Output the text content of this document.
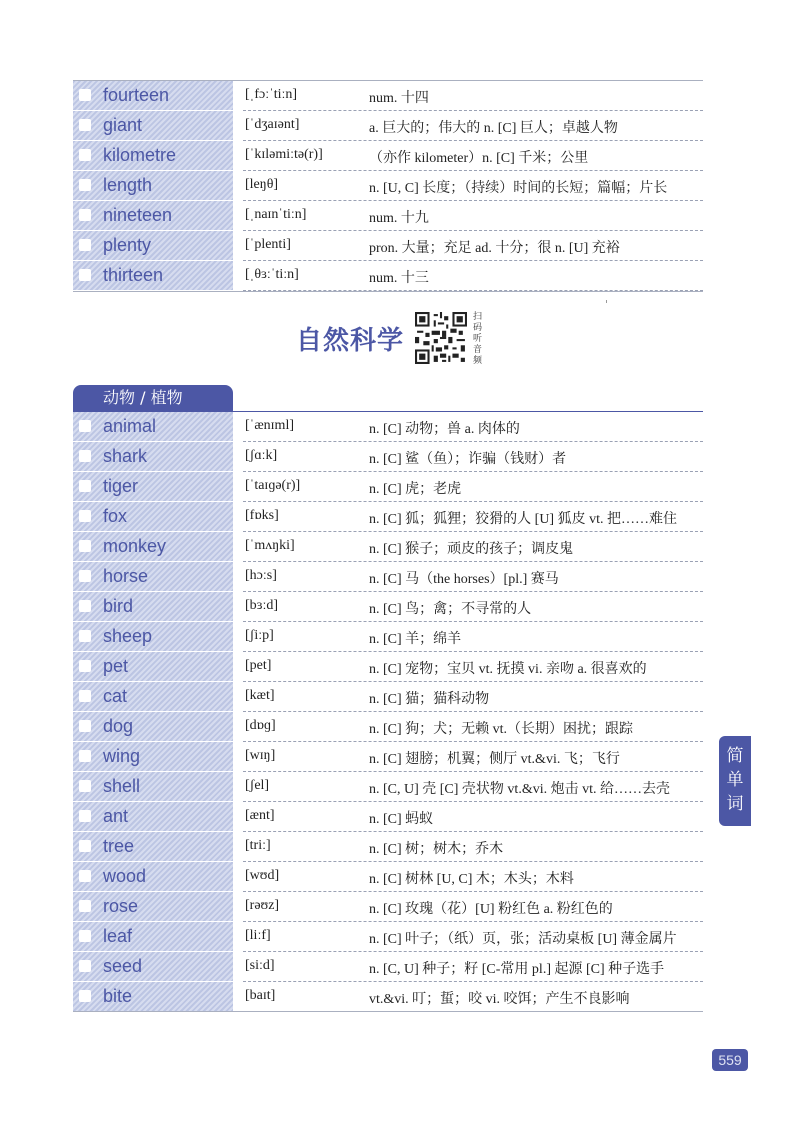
fourteen	[ˌfɔːˈtiːn]	num. 十四
giant	[ˈdʒaɪənt]	a. 巨大的；伟大的 n. [C] 巨人；卓越人物
kilometre	[ˈkɪləmiːtə(r)]	（亦作 kilometer）n. [C] 千米；公里
length	[leŋθ]	n. [U, C] 长度；（持续）时间的长短；篇幅；片长
nineteen	[ˌnaɪnˈtiːn]	num. 十九
plenty	[ˈplenti]	pron. 大量；充足 ad. 十分；很 n. [U] 充裕
thirteen	[ˌθɜːˈtiːn]	num. 十三
自然科学
扫码听音频
动物 / 植物
animal	[ˈænɪml]	n. [C] 动物；兽 a. 肉体的
shark	[ʃɑːk]	n. [C] 鲨（鱼）；诈骗（钱财）者
tiger	[ˈtaɪɡə(r)]	n. [C] 虎；老虎
fox	[fɒks]	n. [C] 狐；狐狸；狡猾的人 [U] 狐皮 vt. 把……难住
monkey	[ˈmʌŋki]	n. [C] 猴子；顽皮的孩子；调皮鬼
horse	[hɔːs]	n. [C] 马（the horses）[pl.] 赛马
bird	[bɜːd]	n. [C] 鸟；禽；不寻常的人
sheep	[ʃiːp]	n. [C] 羊；绵羊
pet	[pet]	n. [C] 宠物；宝贝 vt. 抚摸 vi. 亲吻 a. 很喜欢的
cat	[kæt]	n. [C] 猫；猫科动物
dog	[dɒɡ]	n. [C] 狗；犬；无赖 vt.（长期）困扰；跟踪
wing	[wɪŋ]	n. [C] 翅膀；机翼；侧厅 vt.&vi. 飞；飞行
shell	[ʃel]	n. [C, U] 壳 [C] 壳状物 vt.&vi. 炮击 vt. 给……去壳
ant	[ænt]	n. [C] 蚂蚁
tree	[triː]	n. [C] 树；树木；乔木
wood	[wʊd]	n. [C] 树林 [U, C] 木；木头；木料
rose	[rəʊz]	n. [C] 玫瑰（花）[U] 粉红色 a. 粉红色的
leaf	[liːf]	n. [C] 叶子；（纸）页，张；活动桌板 [U] 薄金属片
seed	[siːd]	n. [C, U] 种子；籽 [C-常用 pl.] 起源 [C] 种子选手
bite	[baɪt]	vt.&vi. 叮；蜇；咬 vi. 咬饵；产生不良影响
简
单
词
559
